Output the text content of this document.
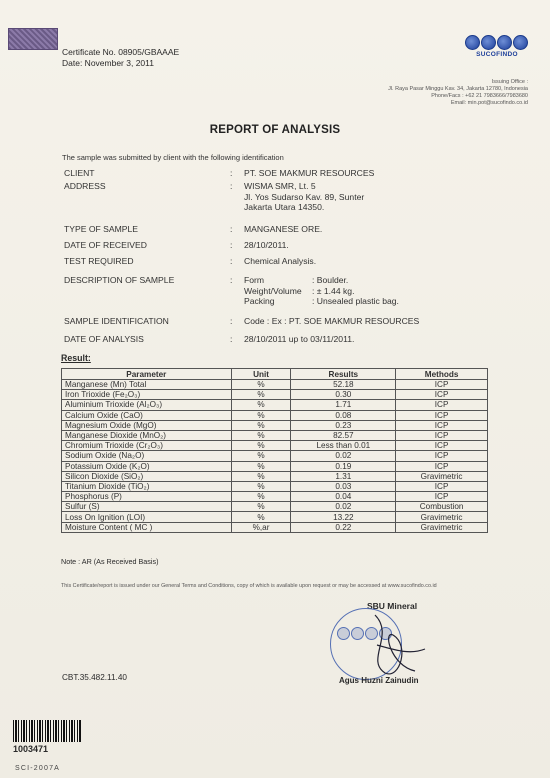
Certificate No. 08905/GBAAAE
Date: November 3, 2011
SUCOFINDO
Issuing Office :
Jl. Raya Pasar Minggu Kav. 34, Jakarta 12780, Indonesia
Phone/Facs : +62 21 7983666/7983680
Email: min.pot@sucofindo.co.id
REPORT OF ANALYSIS
The sample was submitted by client with the following identification
CLIENT	: PT. SOE MAKMUR RESOURCES
ADDRESS	: WISMA SMR, Lt. 5
Jl. Yos Sudarso Kav. 89, Sunter
Jakarta Utara 14350.
TYPE OF SAMPLE	: MANGANESE ORE.
DATE OF RECEIVED	: 28/10/2011.
TEST REQUIRED	: Chemical Analysis.
DESCRIPTION OF SAMPLE	: Form	: Boulder.
Weight/Volume : ± 1.44 kg.
Packing	: Unsealed plastic bag.
SAMPLE IDENTIFICATION	: Code : Ex : PT. SOE MAKMUR RESOURCES
DATE OF ANALYSIS	: 28/10/2011 up to 03/11/2011.
Result:
Parameter	Unit	Results	Methods
Manganese (Mn) Total	%	52.18	ICP
Iron Trioxide (Fe₂O₃)	%	0.30	ICP
Aluminium Trioxide (Al₂O₃)	%	1.71	ICP
Calcium Oxide (CaO)	%	0.08	ICP
Magnesium Oxide (MgO)	%	0.23	ICP
Manganese Dioxide (MnO₂)	%	82.57	ICP
Chromium Trioxide (Cr₂O₃)	%	Less than 0.01	ICP
Sodium Oxide (Na₂O)	%	0.02	ICP
Potassium Oxide (K₂O)	%	0.19	ICP
Silicon Dioxide (SiO₂)	%	1.31	Gravimetric
Titanium Dioxide (TiO₂)	%	0.03	ICP
Phosphorus (P)	%	0.04	ICP
Sulfur (S)	%	0.02	Combustion
Loss On Ignition (LOI)	%	13.22	Gravimetric
Moisture Content ( MC )	%,ar	0.22	Gravimetric
Note : AR (As Received Basis)
This Certificate/report is issued under our General Terms and Conditions, copy of which is available upon request or may be accessed at www.sucofindo.co.id
SBU Mineral
Agus Huzni Zainudin
CBT.35.482.11.40
1003471
SCI-2007A
